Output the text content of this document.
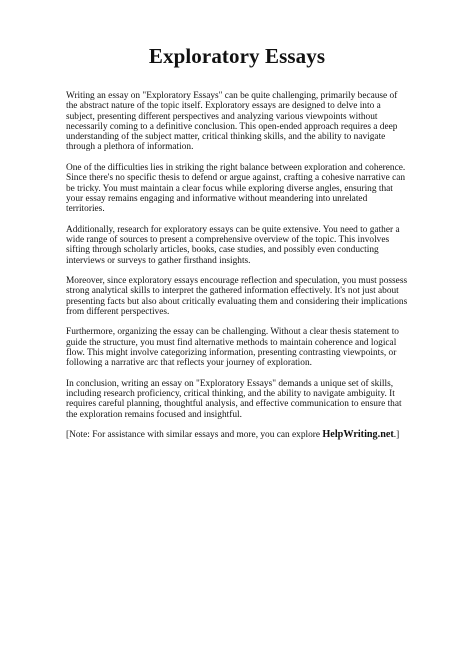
Exploratory Essays

Writing an essay on "Exploratory Essays" can be quite challenging, primarily because of the abstract nature of the topic itself. Exploratory essays are designed to delve into a subject, presenting different perspectives and analyzing various viewpoints without necessarily coming to a definitive conclusion. This open-ended approach requires a deep understanding of the subject matter, critical thinking skills, and the ability to navigate through a plethora of information.

One of the difficulties lies in striking the right balance between exploration and coherence. Since there's no specific thesis to defend or argue against, crafting a cohesive narrative can be tricky. You must maintain a clear focus while exploring diverse angles, ensuring that your essay remains engaging and informative without meandering into unrelated territories.

Additionally, research for exploratory essays can be quite extensive. You need to gather a wide range of sources to present a comprehensive overview of the topic. This involves sifting through scholarly articles, books, case studies, and possibly even conducting interviews or surveys to gather firsthand insights.

Moreover, since exploratory essays encourage reflection and speculation, you must possess strong analytical skills to interpret the gathered information effectively. It's not just about presenting facts but also about critically evaluating them and considering their implications from different perspectives.

Furthermore, organizing the essay can be challenging. Without a clear thesis statement to guide the structure, you must find alternative methods to maintain coherence and logical flow. This might involve categorizing information, presenting contrasting viewpoints, or following a narrative arc that reflects your journey of exploration.

In conclusion, writing an essay on "Exploratory Essays" demands a unique set of skills, including research proficiency, critical thinking, and the ability to navigate ambiguity. It requires careful planning, thoughtful analysis, and effective communication to ensure that the exploration remains focused and insightful.

[Note: For assistance with similar essays and more, you can explore HelpWriting.net.]
